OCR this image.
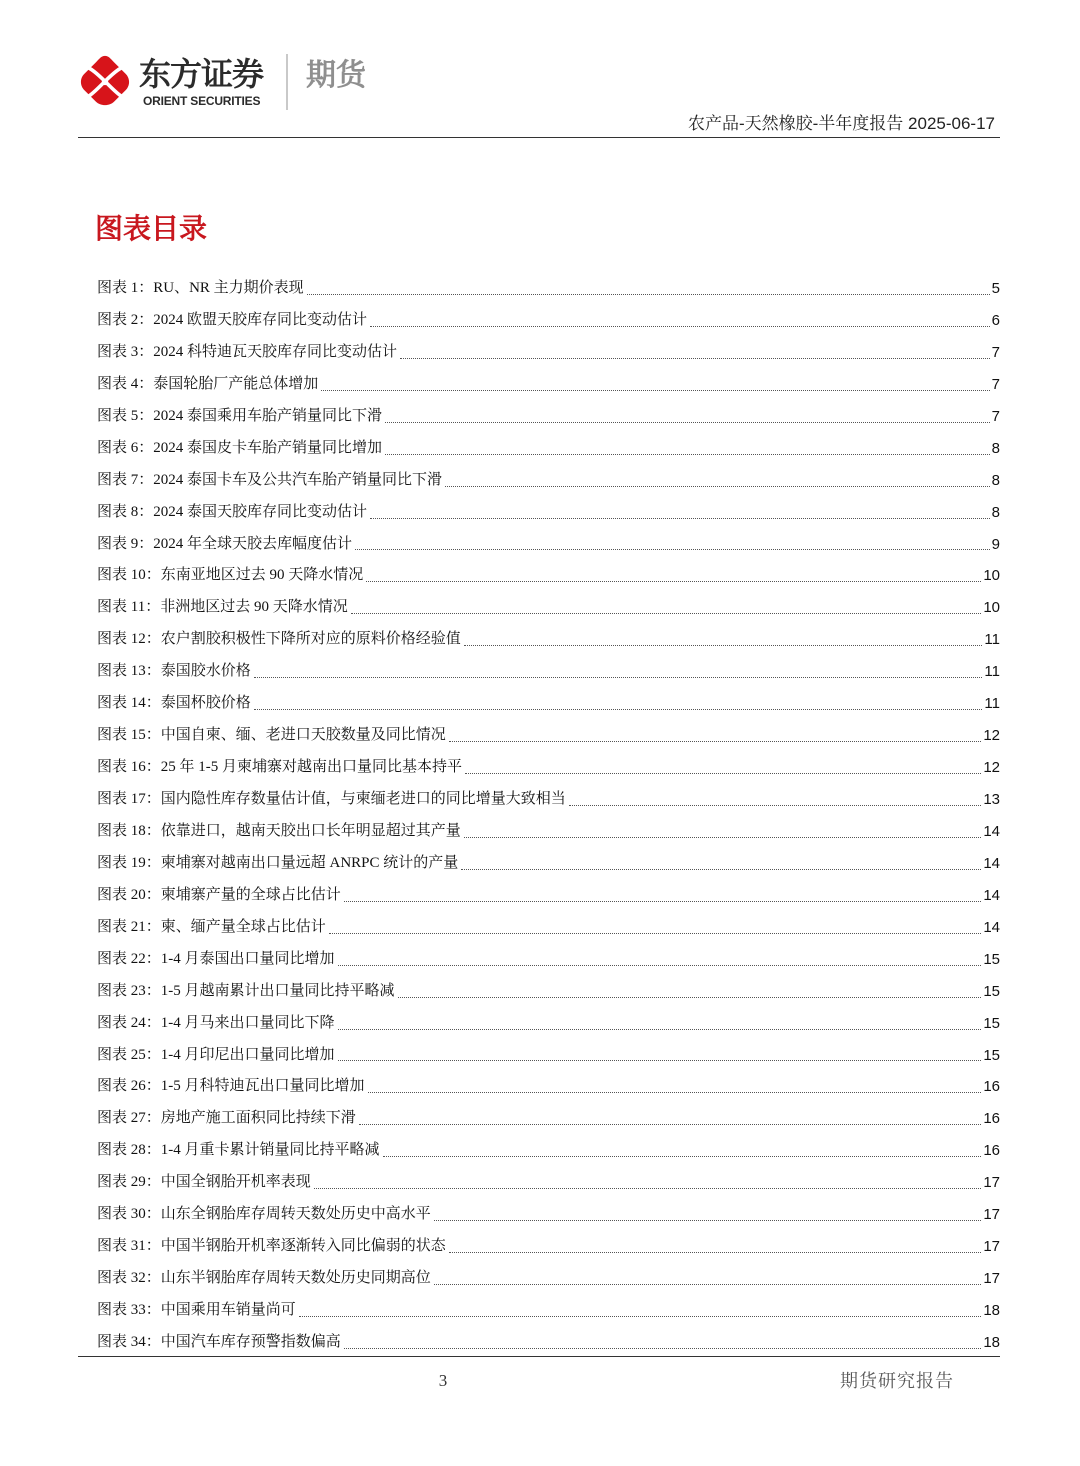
东方证券
ORIENT SECURITIES
期货
农产品-天然橡胶-半年度报告 2025-06-17
图表目录
图表 1：RU、NR 主力期价表现	5
图表 2：2024 欧盟天胶库存同比变动估计	6
图表 3：2024 科特迪瓦天胶库存同比变动估计	7
图表 4：泰国轮胎厂产能总体增加	7
图表 5：2024 泰国乘用车胎产销量同比下滑	7
图表 6：2024 泰国皮卡车胎产销量同比增加	8
图表 7：2024 泰国卡车及公共汽车胎产销量同比下滑	8
图表 8：2024 泰国天胶库存同比变动估计	8
图表 9：2024 年全球天胶去库幅度估计	9
图表 10：东南亚地区过去 90 天降水情况	10
图表 11：非洲地区过去 90 天降水情况	10
图表 12：农户割胶积极性下降所对应的原料价格经验值	11
图表 13：泰国胶水价格	11
图表 14：泰国杯胶价格	11
图表 15：中国自柬、缅、老进口天胶数量及同比情况	12
图表 16：25 年 1-5 月柬埔寨对越南出口量同比基本持平	12
图表 17：国内隐性库存数量估计值，与柬缅老进口的同比增量大致相当	13
图表 18：依靠进口，越南天胶出口长年明显超过其产量	14
图表 19：柬埔寨对越南出口量远超 ANRPC 统计的产量	14
图表 20：柬埔寨产量的全球占比估计	14
图表 21：柬、缅产量全球占比估计	14
图表 22：1-4 月泰国出口量同比增加	15
图表 23：1-5 月越南累计出口量同比持平略减	15
图表 24：1-4 月马来出口量同比下降	15
图表 25：1-4 月印尼出口量同比增加	15
图表 26：1-5 月科特迪瓦出口量同比增加	16
图表 27：房地产施工面积同比持续下滑	16
图表 28：1-4 月重卡累计销量同比持平略减	16
图表 29：中国全钢胎开机率表现	17
图表 30：山东全钢胎库存周转天数处历史中高水平	17
图表 31：中国半钢胎开机率逐渐转入同比偏弱的状态	17
图表 32：山东半钢胎库存周转天数处历史同期高位	17
图表 33：中国乘用车销量尚可	18
图表 34：中国汽车库存预警指数偏高	18
3	期货研究报告
